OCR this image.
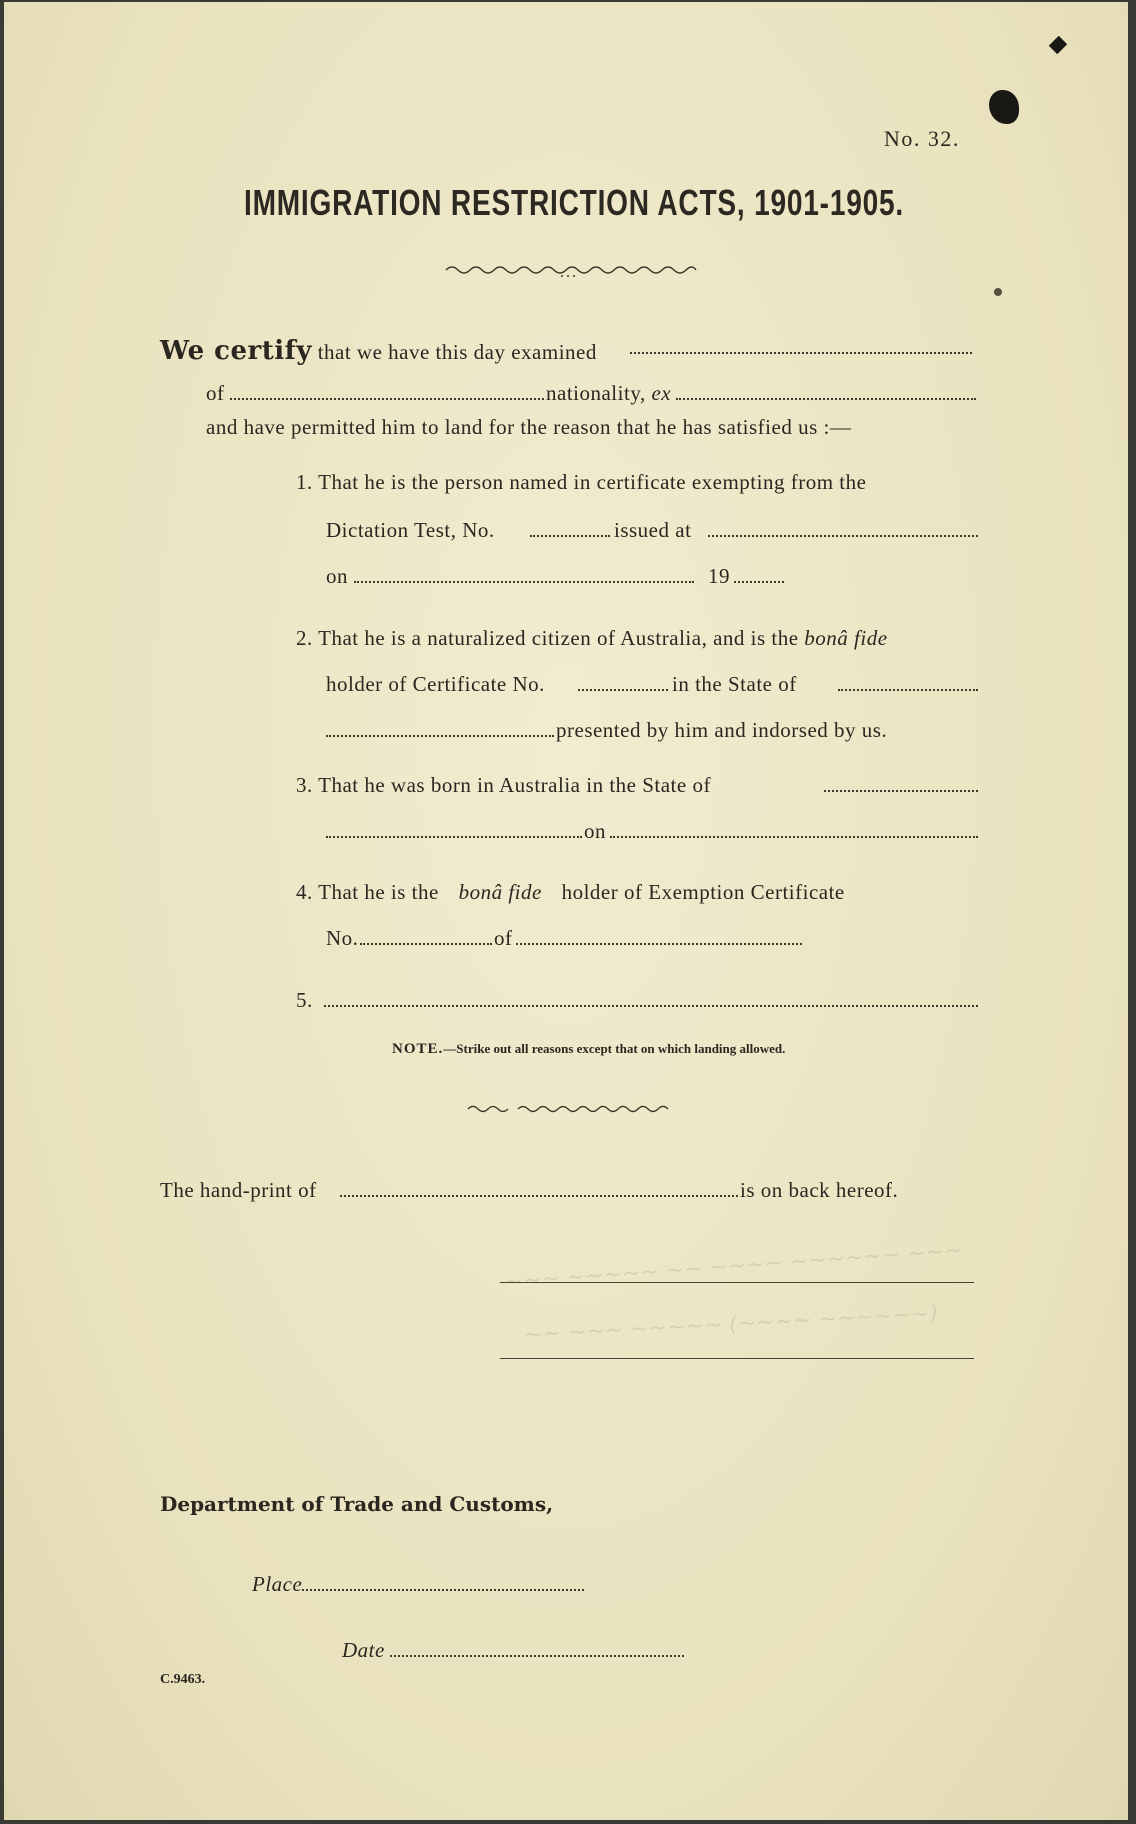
No. 32.
IMMIGRATION RESTRICTION ACTS, 1901-1905.
We certify that we have this day examined
of	nationality, ex
and have permitted him to land for the reason that he has satisfied us :—
1. That he is the person named in certificate exempting from the
Dictation Test, No.	issued at
on	19
2. That he is a naturalized citizen of Australia, and is the bonâ fide
holder of Certificate No.	in the State of
presented by him and indorsed by us.
3. That he was born in Australia in the State of
on
4. That he is the bonâ fide holder of Exemption Certificate
No.	of
5.
NOTE.—Strike out all reasons except that on which landing allowed.
The hand-print of	is on back hereof.
~~~ ~~~~~ ~~ ~~~~ ~~~~~~ ~~~
~~ ~~~ ~~~~~ (~~~~ ~~~~~~)
Department of Trade and Customs,
Place
Date
C.9463.
